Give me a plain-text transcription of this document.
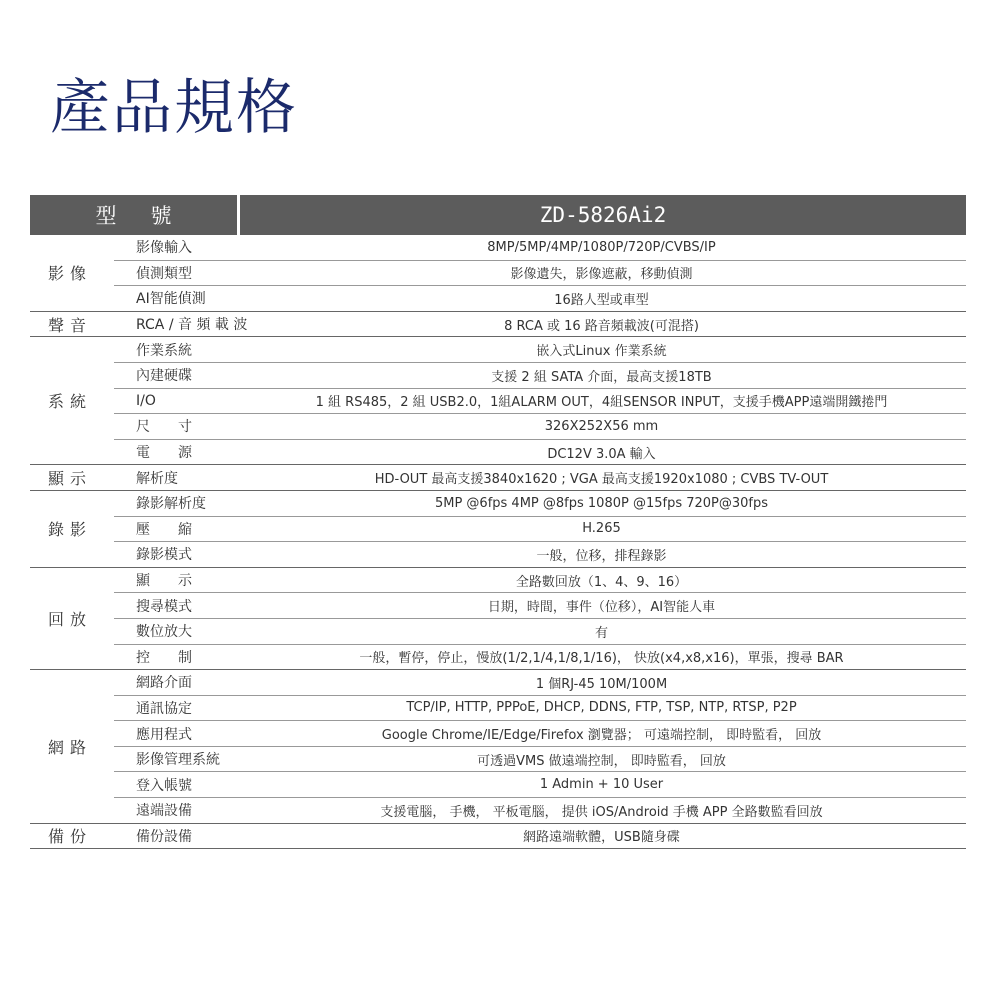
產品規格
型號	ZD-5826Ai2
影像
影像輸入	8MP/5MP/4MP/1080P/720P/CVBS/IP
偵測類型	影像遺失，影像遮蔽，移動偵測
AI智能偵測	16路人型或車型
聲音	RCA / 音 頻 載 波	8 RCA 或 16 路音頻載波(可混搭)
系統
作業系統	嵌入式Linux 作業系統
內建硬碟	支援 2 組 SATA 介面，最高支援18TB
I/O	1 組 RS485，2 組 USB2.0，1組ALARM OUT，4組SENSOR INPUT，支援手機APP遠端開鐵捲門
尺　　寸	326X252X56 mm
電　　源	DC12V 3.0A 輸入
顯示	解析度	HD-OUT 最高支援3840x1620 ; VGA 最高支援1920x1080 ; CVBS TV-OUT
錄影
錄影解析度	5MP @6fps 4MP @8fps 1080P @15fps 720P@30fps
壓　　縮	H.265
錄影模式	一般，位移，排程錄影
回放
顯　　示	全路數回放（1、4、9、16）
搜尋模式	日期，時間，事件（位移），AI智能人車
數位放大	有
控　　制	一般，暫停，停止，慢放(1/2,1/4,1/8,1/16)， 快放(x4,x8,x16)，單張，搜尋 BAR
網路
網路介面	1 個RJ-45 10M/100M
通訊協定	TCP/IP, HTTP, PPPoE, DHCP, DDNS, FTP, TSP, NTP, RTSP, P2P
應用程式	Google Chrome/IE/Edge/Firefox 瀏覽器； 可遠端控制， 即時監看， 回放
影像管理系統	可透過VMS 做遠端控制， 即時監看， 回放
登入帳號	1 Admin + 10 User
遠端設備	支援電腦， 手機， 平板電腦， 提供 iOS/Android 手機 APP 全路數監看回放
備份	備份設備	網路遠端軟體，USB隨身碟
